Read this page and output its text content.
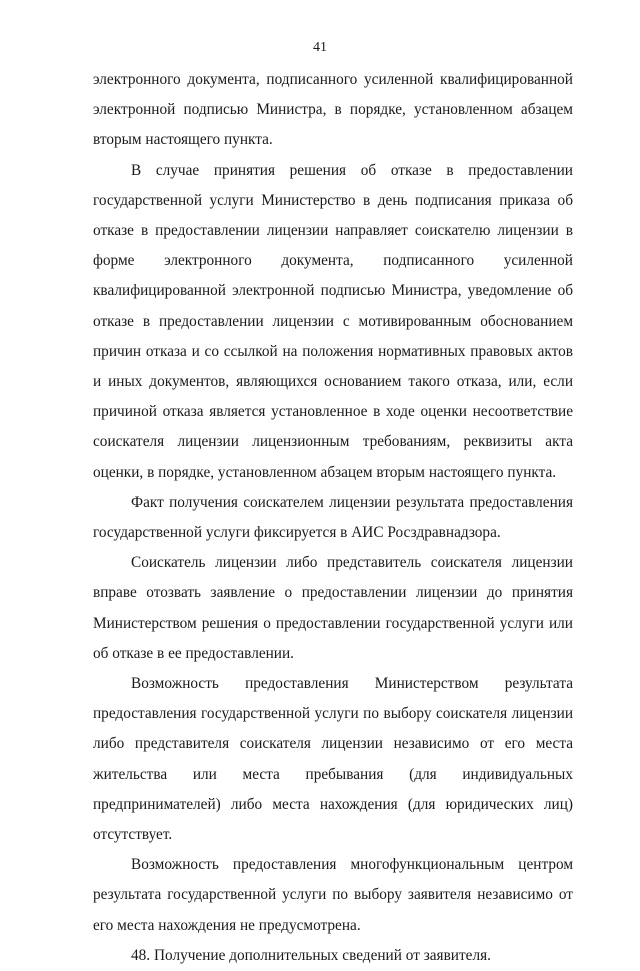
41

электронного документа, подписанного усиленной квалифицированной электронной подписью Министра, в порядке, установленном абзацем вторым настоящего пункта.

В случае принятия решения об отказе в предоставлении государственной услуги Министерство в день подписания приказа об отказе в предоставлении лицензии направляет соискателю лицензии в форме электронного документа, подписанного усиленной квалифицированной электронной подписью Министра, уведомление об отказе в предоставлении лицензии с мотивированным обоснованием причин отказа и со ссылкой на положения нормативных правовых актов и иных документов, являющихся основанием такого отказа, или, если причиной отказа является установленное в ходе оценки несоответствие соискателя лицензии лицензионным требованиям, реквизиты акта оценки, в порядке, установленном абзацем вторым настоящего пункта.

Факт получения соискателем лицензии результата предоставления государственной услуги фиксируется в АИС Росздравнадзора.

Соискатель лицензии либо представитель соискателя лицензии вправе отозвать заявление о предоставлении лицензии до принятия Министерством решения о предоставлении государственной услуги или об отказе в ее предоставлении.

Возможность предоставления Министерством результата предоставления государственной услуги по выбору соискателя лицензии либо представителя соискателя лицензии независимо от его места жительства или места пребывания (для индивидуальных предпринимателей) либо места нахождения (для юридических лиц) отсутствует.

Возможность предоставления многофункциональным центром результата государственной услуги по выбору заявителя независимо от его места нахождения не предусмотрена.

48. Получение дополнительных сведений от заявителя.
